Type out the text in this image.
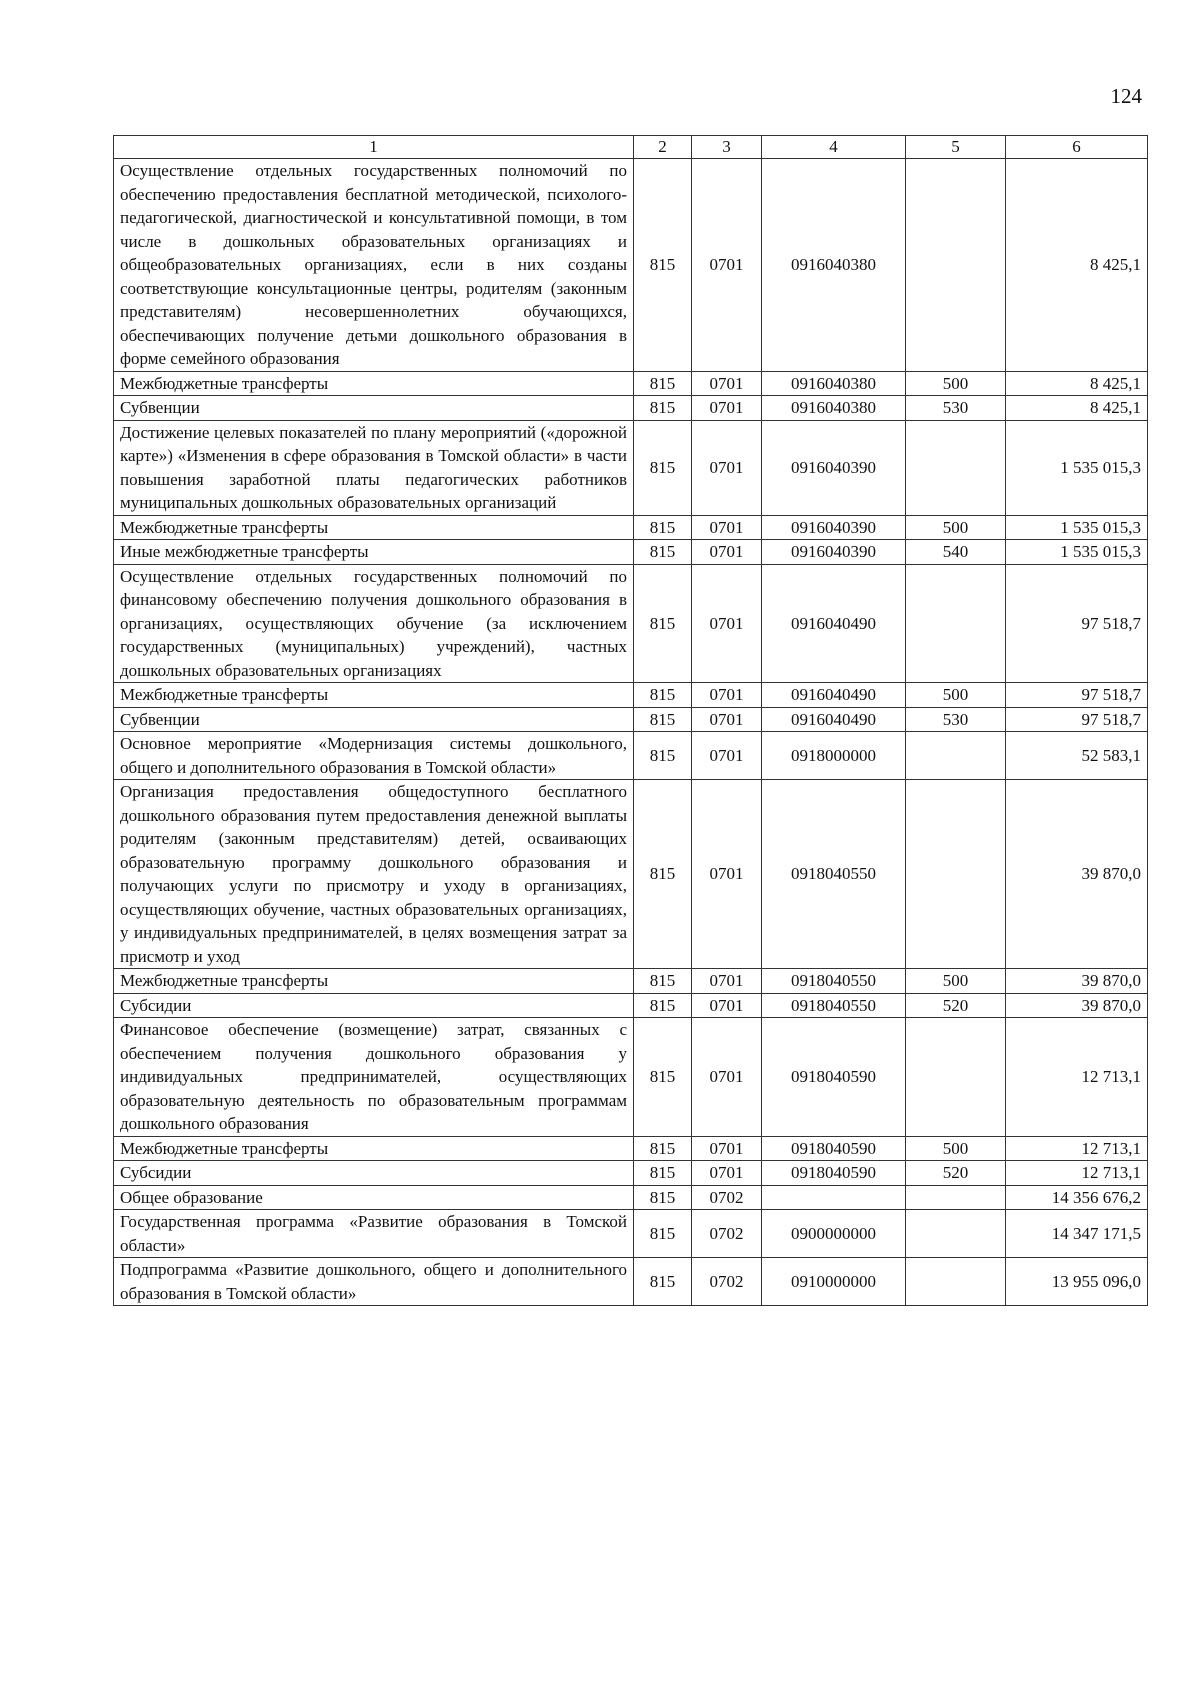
124
1	2	3	4	5	6
Осуществление отдельных государственных полномочий по обеспечению предоставления бесплатной методической, психолого-педагогической, диагностической и консультативной помощи, в том числе в дошкольных образовательных организациях и общеобразовательных организациях, если в них созданы соответствующие консультационные центры, родителям (законным представителям) несовершеннолетних обучающихся, обеспечивающих получение детьми дошкольного образования в форме семейного образования	815	0701	0916040380		8 425,1
Межбюджетные трансферты	815	0701	0916040380	500	8 425,1
Субвенции	815	0701	0916040380	530	8 425,1
Достижение целевых показателей по плану мероприятий («дорожной карте») «Изменения в сфере образования в Томской области» в части повышения заработной платы педагогических работников муниципальных дошкольных образовательных организаций	815	0701	0916040390		1 535 015,3
Межбюджетные трансферты	815	0701	0916040390	500	1 535 015,3
Иные межбюджетные трансферты	815	0701	0916040390	540	1 535 015,3
Осуществление отдельных государственных полномочий по финансовому обеспечению получения дошкольного образования в организациях, осуществляющих обучение (за исключением государственных (муниципальных) учреждений), частных дошкольных образовательных организациях	815	0701	0916040490		97 518,7
Межбюджетные трансферты	815	0701	0916040490	500	97 518,7
Субвенции	815	0701	0916040490	530	97 518,7
Основное мероприятие «Модернизация системы дошкольного, общего и дополнительного образования в Томской области»	815	0701	0918000000		52 583,1
Организация предоставления общедоступного бесплатного дошкольного образования путем предоставления денежной выплаты родителям (законным представителям) детей, осваивающих образовательную программу дошкольного образования и получающих услуги по присмотру и уходу в организациях, осуществляющих обучение, частных образовательных организациях, у индивидуальных предпринимателей, в целях возмещения затрат за присмотр и уход	815	0701	0918040550		39 870,0
Межбюджетные трансферты	815	0701	0918040550	500	39 870,0
Субсидии	815	0701	0918040550	520	39 870,0
Финансовое обеспечение (возмещение) затрат, связанных с обеспечением получения дошкольного образования у индивидуальных предпринимателей, осуществляющих образовательную деятельность по образовательным программам дошкольного образования	815	0701	0918040590		12 713,1
Межбюджетные трансферты	815	0701	0918040590	500	12 713,1
Субсидии	815	0701	0918040590	520	12 713,1
Общее образование	815	0702			14 356 676,2
Государственная программа «Развитие образования в Томской области»	815	0702	0900000000		14 347 171,5
Подпрограмма «Развитие дошкольного, общего и дополнительного образования в Томской области»	815	0702	0910000000		13 955 096,0
